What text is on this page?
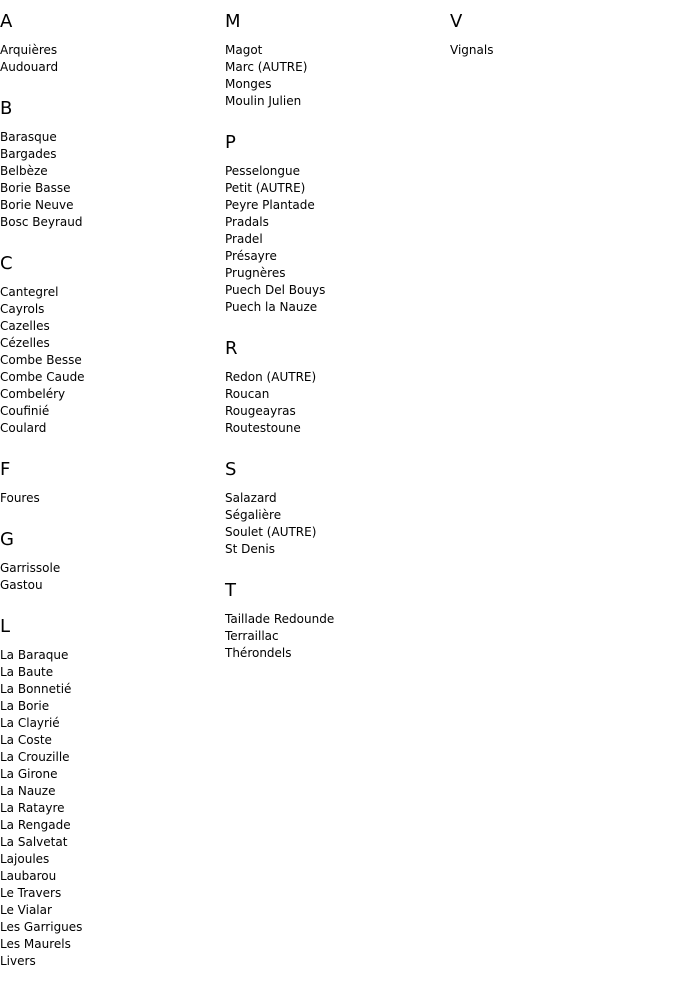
A
Arquières
Audouard
B
Barasque
Bargades
Belbèze
Borie Basse
Borie Neuve
Bosc Beyraud
C
Cantegrel
Cayrols
Cazelles
Cézelles
Combe Besse
Combe Caude
Combeléry
Coufinié
Coulard
F
Foures
G
Garrissole
Gastou
L
La Baraque
La Baute
La Bonnetié
La Borie
La Clayrié
La Coste
La Crouzille
La Girone
La Nauze
La Ratayre
La Rengade
La Salvetat
Lajoules
Laubarou
Le Travers
Le Vialar
Les Garrigues
Les Maurels
Livers
M
Magot
Marc (AUTRE)
Monges
Moulin Julien
P
Pesselongue
Petit (AUTRE)
Peyre Plantade
Pradals
Pradel
Présayre
Prugnères
Puech Del Bouys
Puech la Nauze
R
Redon (AUTRE)
Roucan
Rougeayras
Routestoune
S
Salazard
Ségalière
Soulet (AUTRE)
St Denis
T
Taillade Redounde
Terraillac
Thérondels
V
Vignals
